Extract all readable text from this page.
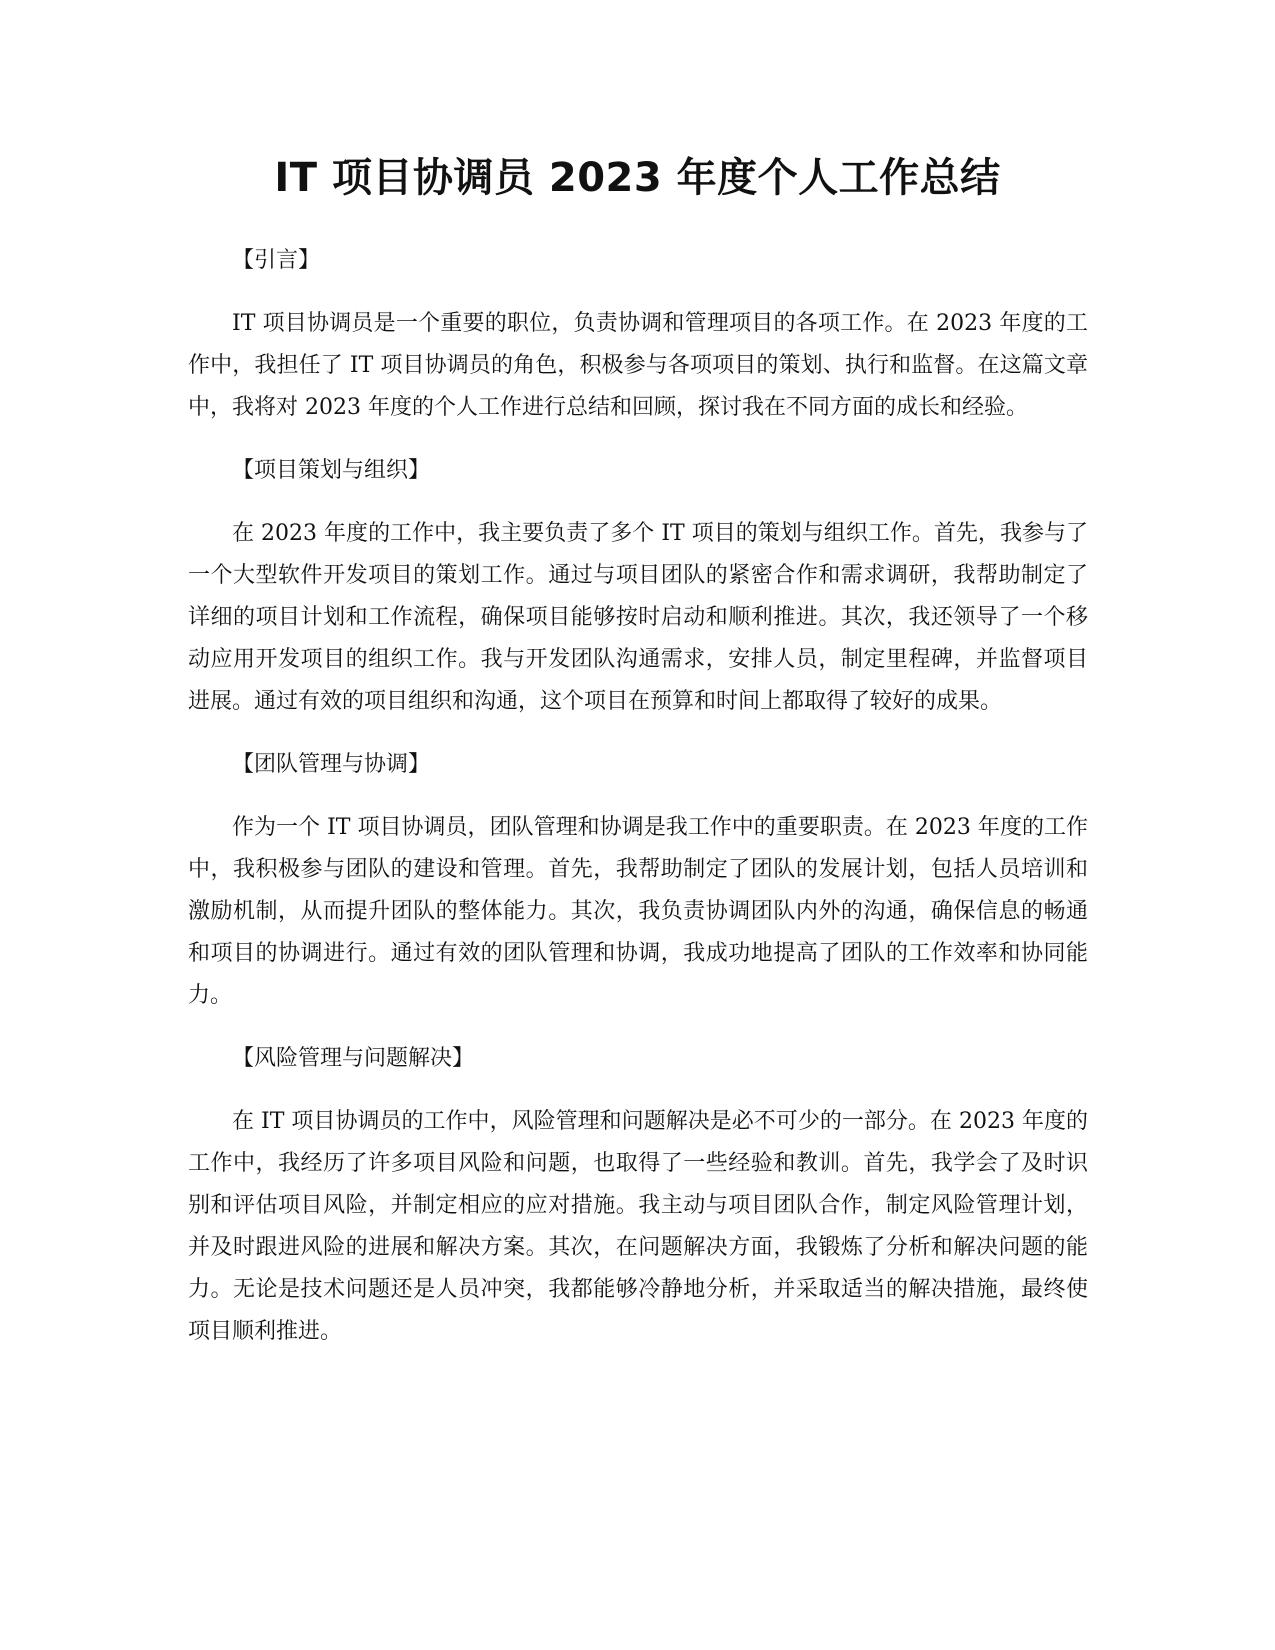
IT 项目协调员 2023 年度个人工作总结
【引言】

IT 项目协调员是一个重要的职位，负责协调和管理项目的各项工作。在 2023 年度的工作中，我担任了 IT 项目协调员的角色，积极参与各项项目的策划、执行和监督。在这篇文章中，我将对 2023 年度的个人工作进行总结和回顾，探讨我在不同方面的成长和经验。

【项目策划与组织】

在 2023 年度的工作中，我主要负责了多个 IT 项目的策划与组织工作。首先，我参与了一个大型软件开发项目的策划工作。通过与项目团队的紧密合作和需求调研，我帮助制定了详细的项目计划和工作流程，确保项目能够按时启动和顺利推进。其次，我还领导了一个移动应用开发项目的组织工作。我与开发团队沟通需求，安排人员，制定里程碑，并监督项目进展。通过有效的项目组织和沟通，这个项目在预算和时间上都取得了较好的成果。

【团队管理与协调】

作为一个 IT 项目协调员，团队管理和协调是我工作中的重要职责。在 2023 年度的工作中，我积极参与团队的建设和管理。首先，我帮助制定了团队的发展计划，包括人员培训和激励机制，从而提升团队的整体能力。其次，我负责协调团队内外的沟通，确保信息的畅通和项目的协调进行。通过有效的团队管理和协调，我成功地提高了团队的工作效率和协同能力。

【风险管理与问题解决】

在 IT 项目协调员的工作中，风险管理和问题解决是必不可少的一部分。在 2023 年度的工作中，我经历了许多项目风险和问题，也取得了一些经验和教训。首先，我学会了及时识别和评估项目风险，并制定相应的应对措施。我主动与项目团队合作，制定风险管理计划，并及时跟进风险的进展和解决方案。其次，在问题解决方面，我锻炼了分析和解决问题的能力。无论是技术问题还是人员冲突，我都能够冷静地分析，并采取适当的解决措施，最终使项目顺利推进。
